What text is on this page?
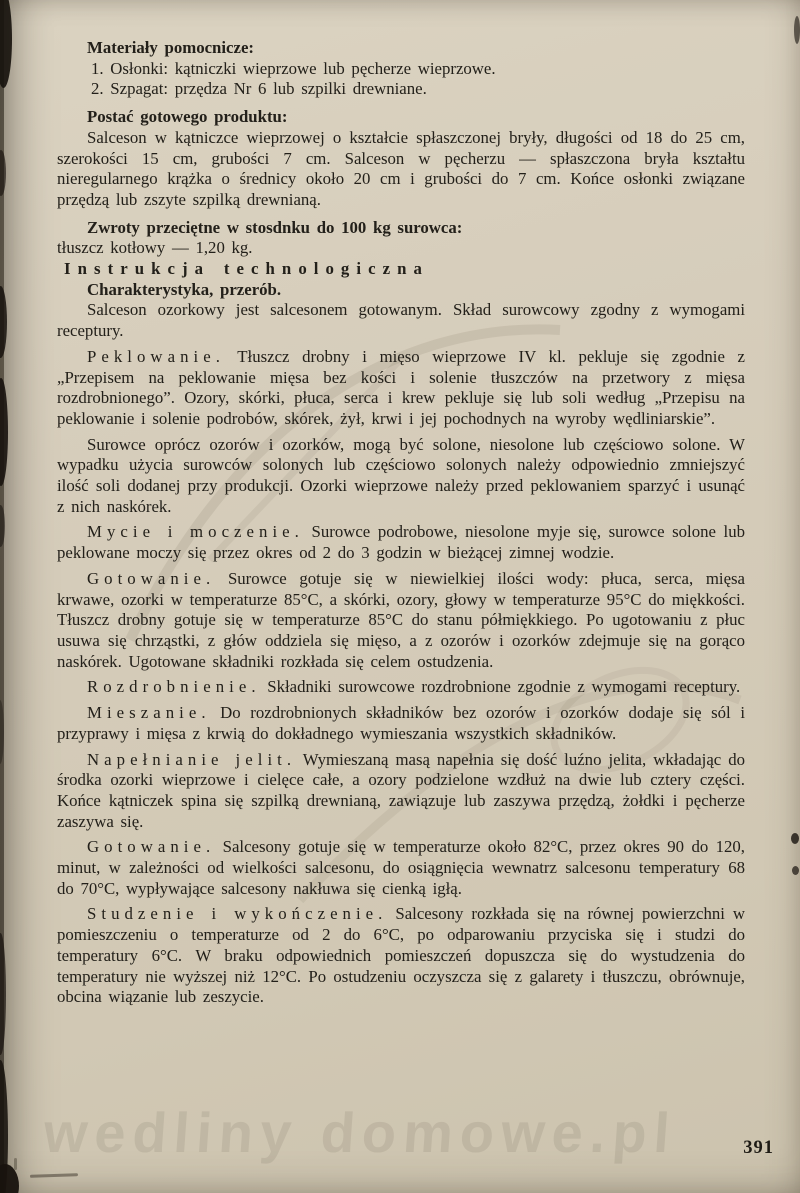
wedliny domowe.pl

Materiały pomocnicze:

1. Osłonki: kątniczki wieprzowe lub pęcherze wieprzowe.

2. Szpagat: przędza Nr 6 lub szpilki drewniane.

Postać gotowego produktu:

Salceson w kątniczce wieprzowej o kształcie spłaszczonej bryły, długości od 18 do 25 cm, szerokości 15 cm, grubości 7 cm. Salceson w pęcherzu — spłaszczona bryła kształtu nieregularnego krążka o średnicy około 20 cm i grubości do 7 cm. Końce osłonki związane przędzą lub zszyte szpilką drewnianą.

Zwroty przeciętne w stosdnku do 100 kg surowca:

tłuszcz kotłowy — 1,20 kg.

Instrukcja technologiczna

Charakterystyka, przerób.

Salceson ozorkowy jest salcesonem gotowanym. Skład surowcowy zgodny z wymogami receptury.

Peklowanie. Tłuszcz drobny i mięso wieprzowe IV kl. pekluje się zgodnie z „Przepisem na peklowanie mięsa bez kości i solenie tłuszczów na przetwory z mięsa rozdrobnionego”. Ozory, skórki, płuca, serca i krew pekluje się lub soli według „Przepisu na peklowanie i solenie podrobów, skórek, żył, krwi i jej pochodnych na wyroby wędliniarskie”.

Surowce oprócz ozorów i ozorków, mogą być solone, niesolone lub częściowo solone. W wypadku użycia surowców solonych lub częściowo solonych należy odpowiednio zmniejszyć ilość soli dodanej przy produkcji. Ozorki wieprzowe należy przed peklowaniem sparzyć i usunąć z nich naskórek.

Mycie i moczenie. Surowce podrobowe, niesolone myje się, surowce solone lub peklowane moczy się przez okres od 2 do 3 godzin w bieżącej zimnej wodzie.

Gotowanie. Surowce gotuje się w niewielkiej ilości wody: płuca, serca, mięsa krwawe, ozorki w temperaturze 85°C, a skórki, ozory, głowy w temperaturze 95°C do miękkości. Tłuszcz drobny gotuje się w temperaturze 85°C do stanu półmiękkiego. Po ugotowaniu z płuc usuwa się chrząstki, z głów oddziela się mięso, a z ozorów i ozorków zdejmuje się na gorąco naskórek. Ugotowane składniki rozkłada się celem ostudzenia.

Rozdrobnienie. Składniki surowcowe rozdrobnione zgodnie z wymogami receptury.

Mieszanie. Do rozdrobnionych składników bez ozorów i ozorków dodaje się sól i przyprawy i mięsa z krwią do dokładnego wymieszania wszystkich składników.

Napełnianie jelit. Wymieszaną masą napełnia się dość luźno jelita, wkładając do środka ozorki wieprzowe i cielęce całe, a ozory podzielone wzdłuż na dwie lub cztery części. Końce kątniczek spina się szpilką drewnianą, zawiązuje lub zaszywa przędzą, żołdki i pęcherze zaszywa się.

Gotowanie. Salcesony gotuje się w temperaturze około 82°C, przez okres 90 do 120, minut, w zależności od wielkości salcesonu, do osiągnięcia wewnatrz salcesonu temperatury 68 do 70°C, wypływające salcesony nakłuwa się cienką igłą.

Studzenie i wykończenie. Salcesony rozkłada się na równej powierzchni w pomieszczeniu o temperaturze od 2 do 6°C, po odparowaniu przyciska się i studzi do temperatury 6°C. W braku odpowiednich pomieszczeń dopuszcza się do wystudzenia do temperatury nie wyższej niż 12°C. Po ostudzeniu oczyszcza się z galarety i tłuszczu, obrównuje, obcina wiązanie lub zeszycie.

391
